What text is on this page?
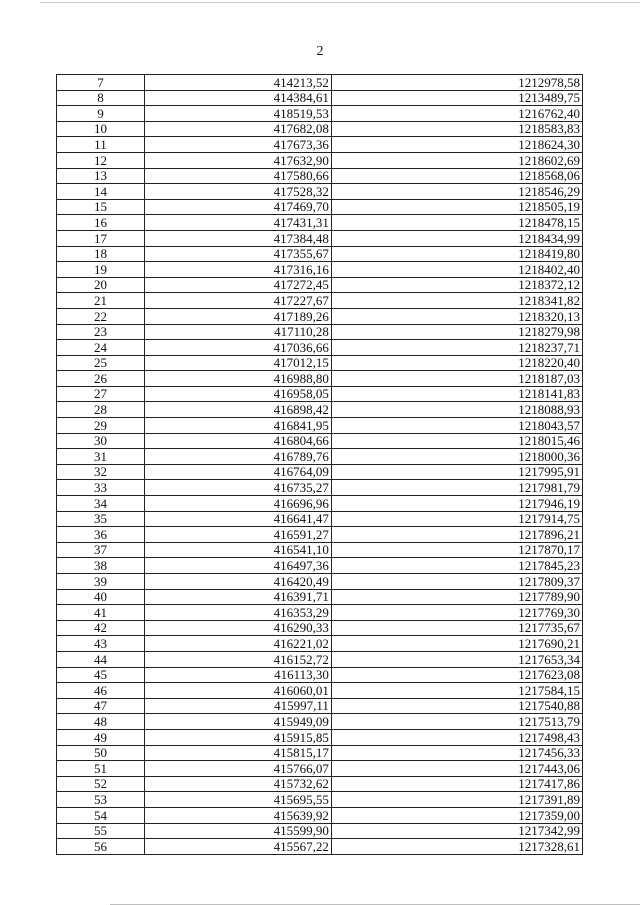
2
7	414213,52	1212978,58
8	414384,61	1213489,75
9	418519,53	1216762,40
10	417682,08	1218583,83
11	417673,36	1218624,30
12	417632,90	1218602,69
13	417580,66	1218568,06
14	417528,32	1218546,29
15	417469,70	1218505,19
16	417431,31	1218478,15
17	417384,48	1218434,99
18	417355,67	1218419,80
19	417316,16	1218402,40
20	417272,45	1218372,12
21	417227,67	1218341,82
22	417189,26	1218320,13
23	417110,28	1218279,98
24	417036,66	1218237,71
25	417012,15	1218220,40
26	416988,80	1218187,03
27	416958,05	1218141,83
28	416898,42	1218088,93
29	416841,95	1218043,57
30	416804,66	1218015,46
31	416789,76	1218000,36
32	416764,09	1217995,91
33	416735,27	1217981,79
34	416696,96	1217946,19
35	416641,47	1217914,75
36	416591,27	1217896,21
37	416541,10	1217870,17
38	416497,36	1217845,23
39	416420,49	1217809,37
40	416391,71	1217789,90
41	416353,29	1217769,30
42	416290,33	1217735,67
43	416221,02	1217690,21
44	416152,72	1217653,34
45	416113,30	1217623,08
46	416060,01	1217584,15
47	415997,11	1217540,88
48	415949,09	1217513,79
49	415915,85	1217498,43
50	415815,17	1217456,33
51	415766,07	1217443,06
52	415732,62	1217417,86
53	415695,55	1217391,89
54	415639,92	1217359,00
55	415599,90	1217342,99
56	415567,22	1217328,61
